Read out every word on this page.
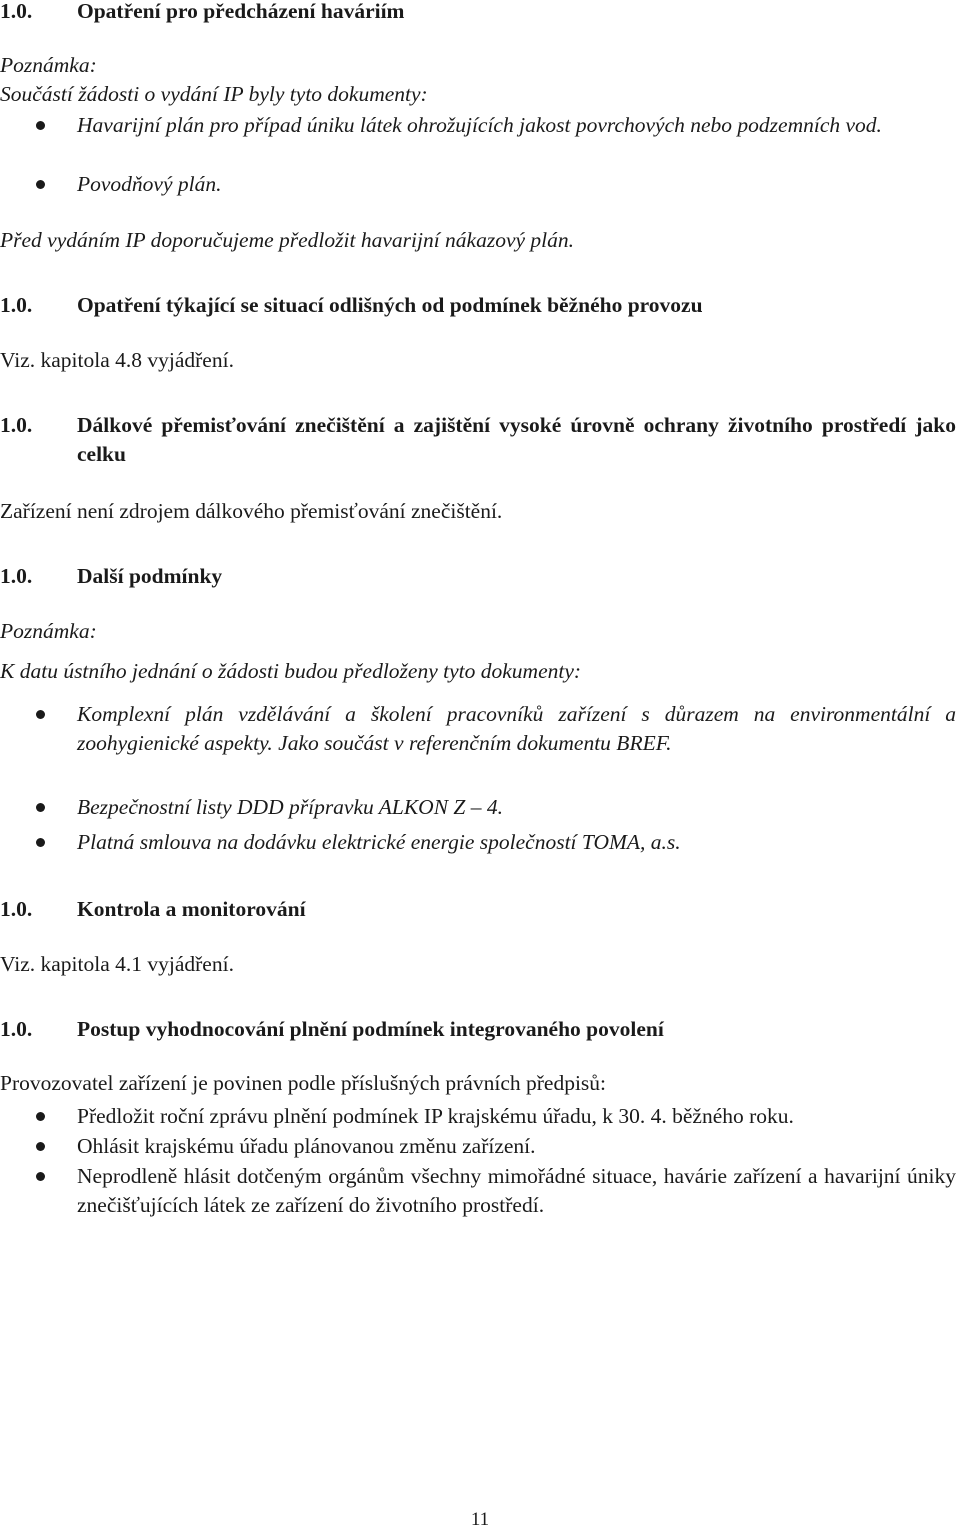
1.0.	Opatření pro předcházení haváriím

Poznámka:

Součástí žádosti o vydání IP byly tyto dokumenty:

Havarijní plán pro případ úniku látek ohrožujících jakost povrchových nebo podzemních vod.
Povodňový plán.

Před vydáním IP doporučujeme předložit havarijní nákazový plán.

1.0.	Opatření týkající se situací odlišných od podmínek běžného provozu

Viz. kapitola 4.8 vyjádření.

1.0.	Dálkové přemisťování znečištění a zajištění vysoké úrovně ochrany životního prostředí jako celku

Zařízení není zdrojem dálkového přemisťování znečištění.

1.0.	Další podmínky

Poznámka:

K datu ústního jednání o žádosti budou předloženy tyto dokumenty:

Komplexní plán vzdělávání a školení pracovníků zařízení s důrazem na environmentální a zoohygienické aspekty. Jako součást v referenčním dokumentu BREF.
Bezpečnostní listy DDD přípravku ALKON Z – 4.
Platná smlouva na dodávku elektrické energie společností TOMA, a.s.
1.0.	Kontrola a monitorování

Viz. kapitola 4.1 vyjádření.

1.0.	Postup vyhodnocování plnění podmínek integrovaného povolení

Provozovatel zařízení je povinen podle příslušných právních předpisů:

Předložit roční zprávu plnění podmínek IP krajskému úřadu, k 30. 4. běžného roku.
Ohlásit krajskému úřadu plánovanou změnu zařízení.
Neprodleně hlásit dotčeným orgánům všechny mimořádné situace, havárie zařízení a havarijní úniky znečišťujících látek ze zařízení do životního prostředí.
11
